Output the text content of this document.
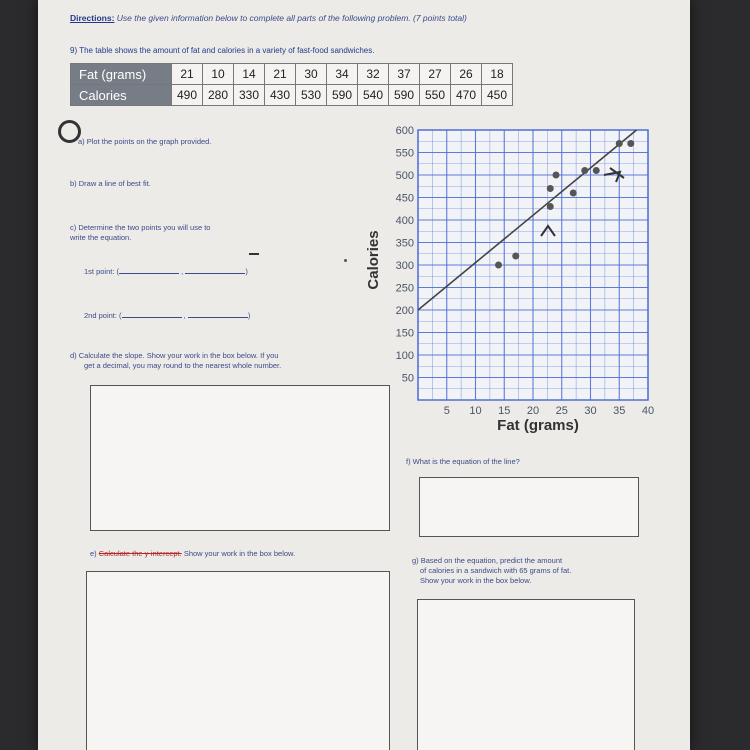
Directions: Use the given information below to complete all parts of the following problem. (7 points total)
9) The table shows the amount of fat and calories in a variety of fast-food sandwiches.
Fat (grams)	21	10	14	21	30	34	32	37	27	26	18
Calories	490	280	330	430	530	590	540	590	550	470	450
a) Plot the points on the graph provided.
b) Draw a line of best fit.
c) Determine the two points you will use to
write the equation.
1st point: (	,	)
2nd point: (	,	)
d) Calculate the slope. Show your work in the box below. If you
get a decimal, you may round to the nearest whole number.
e) Calculate the y-intercept. Show your work in the box below.
f) What is the equation of the line?
g) Based on the equation, predict the amount
of calories in a sandwich with 65 grams of fat.
Show your work in the box below.
50
100
150
200
250
300
350
400
450
500
550
600
5 10 15 20 25 30 35 40
Calories
Fat (grams)
